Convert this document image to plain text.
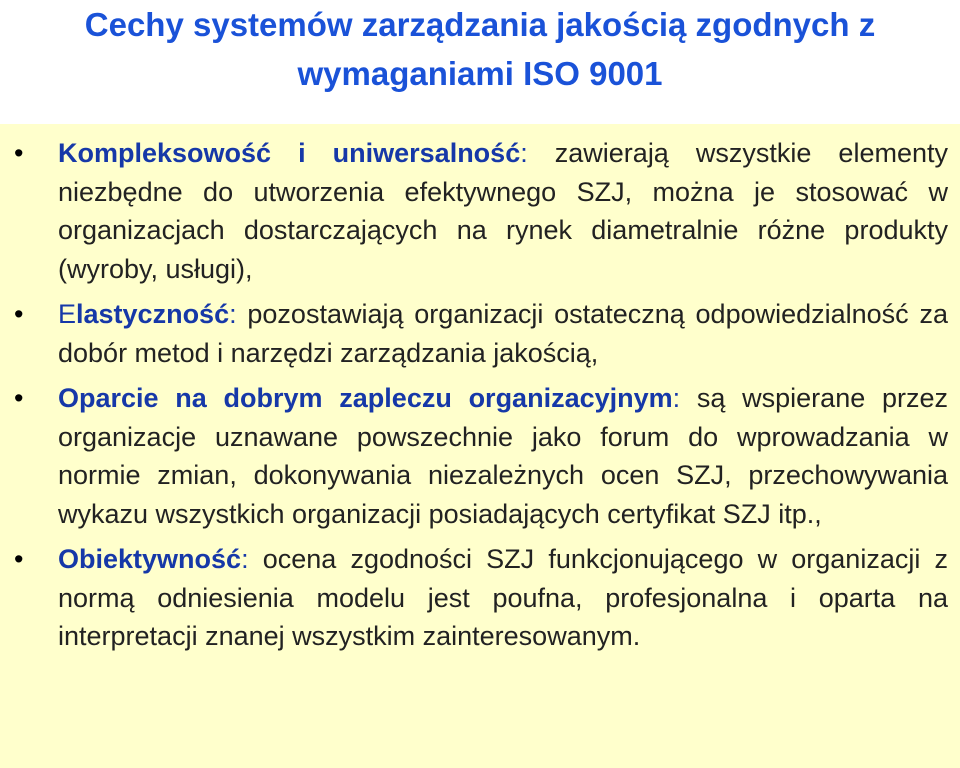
Cechy systemów zarządzania jakością zgodnych z
wymaganiami ISO 9001
• Kompleksowość i uniwersalność: zawierają wszystkie elementy niezbędne do utworzenia efektywnego SZJ, można je stosować w organizacjach dostarczających na rynek diametralnie różne produkty (wyroby, usługi),
• Elastyczność: pozostawiają organizacji ostateczną odpowiedzialność za dobór metod i narzędzi zarządzania jakością,
• Oparcie na dobrym zapleczu organizacyjnym: są wspierane przez organizacje uznawane powszechnie jako forum do wprowadzania w normie zmian, dokonywania niezależnych ocen SZJ, przechowywania wykazu wszystkich organizacji posiadających certyfikat SZJ itp.,
• Obiektywność: ocena zgodności SZJ funkcjonującego w organizacji z normą odniesienia modelu jest poufna, profesjonalna i oparta na interpretacji znanej wszystkim zainteresowanym.
